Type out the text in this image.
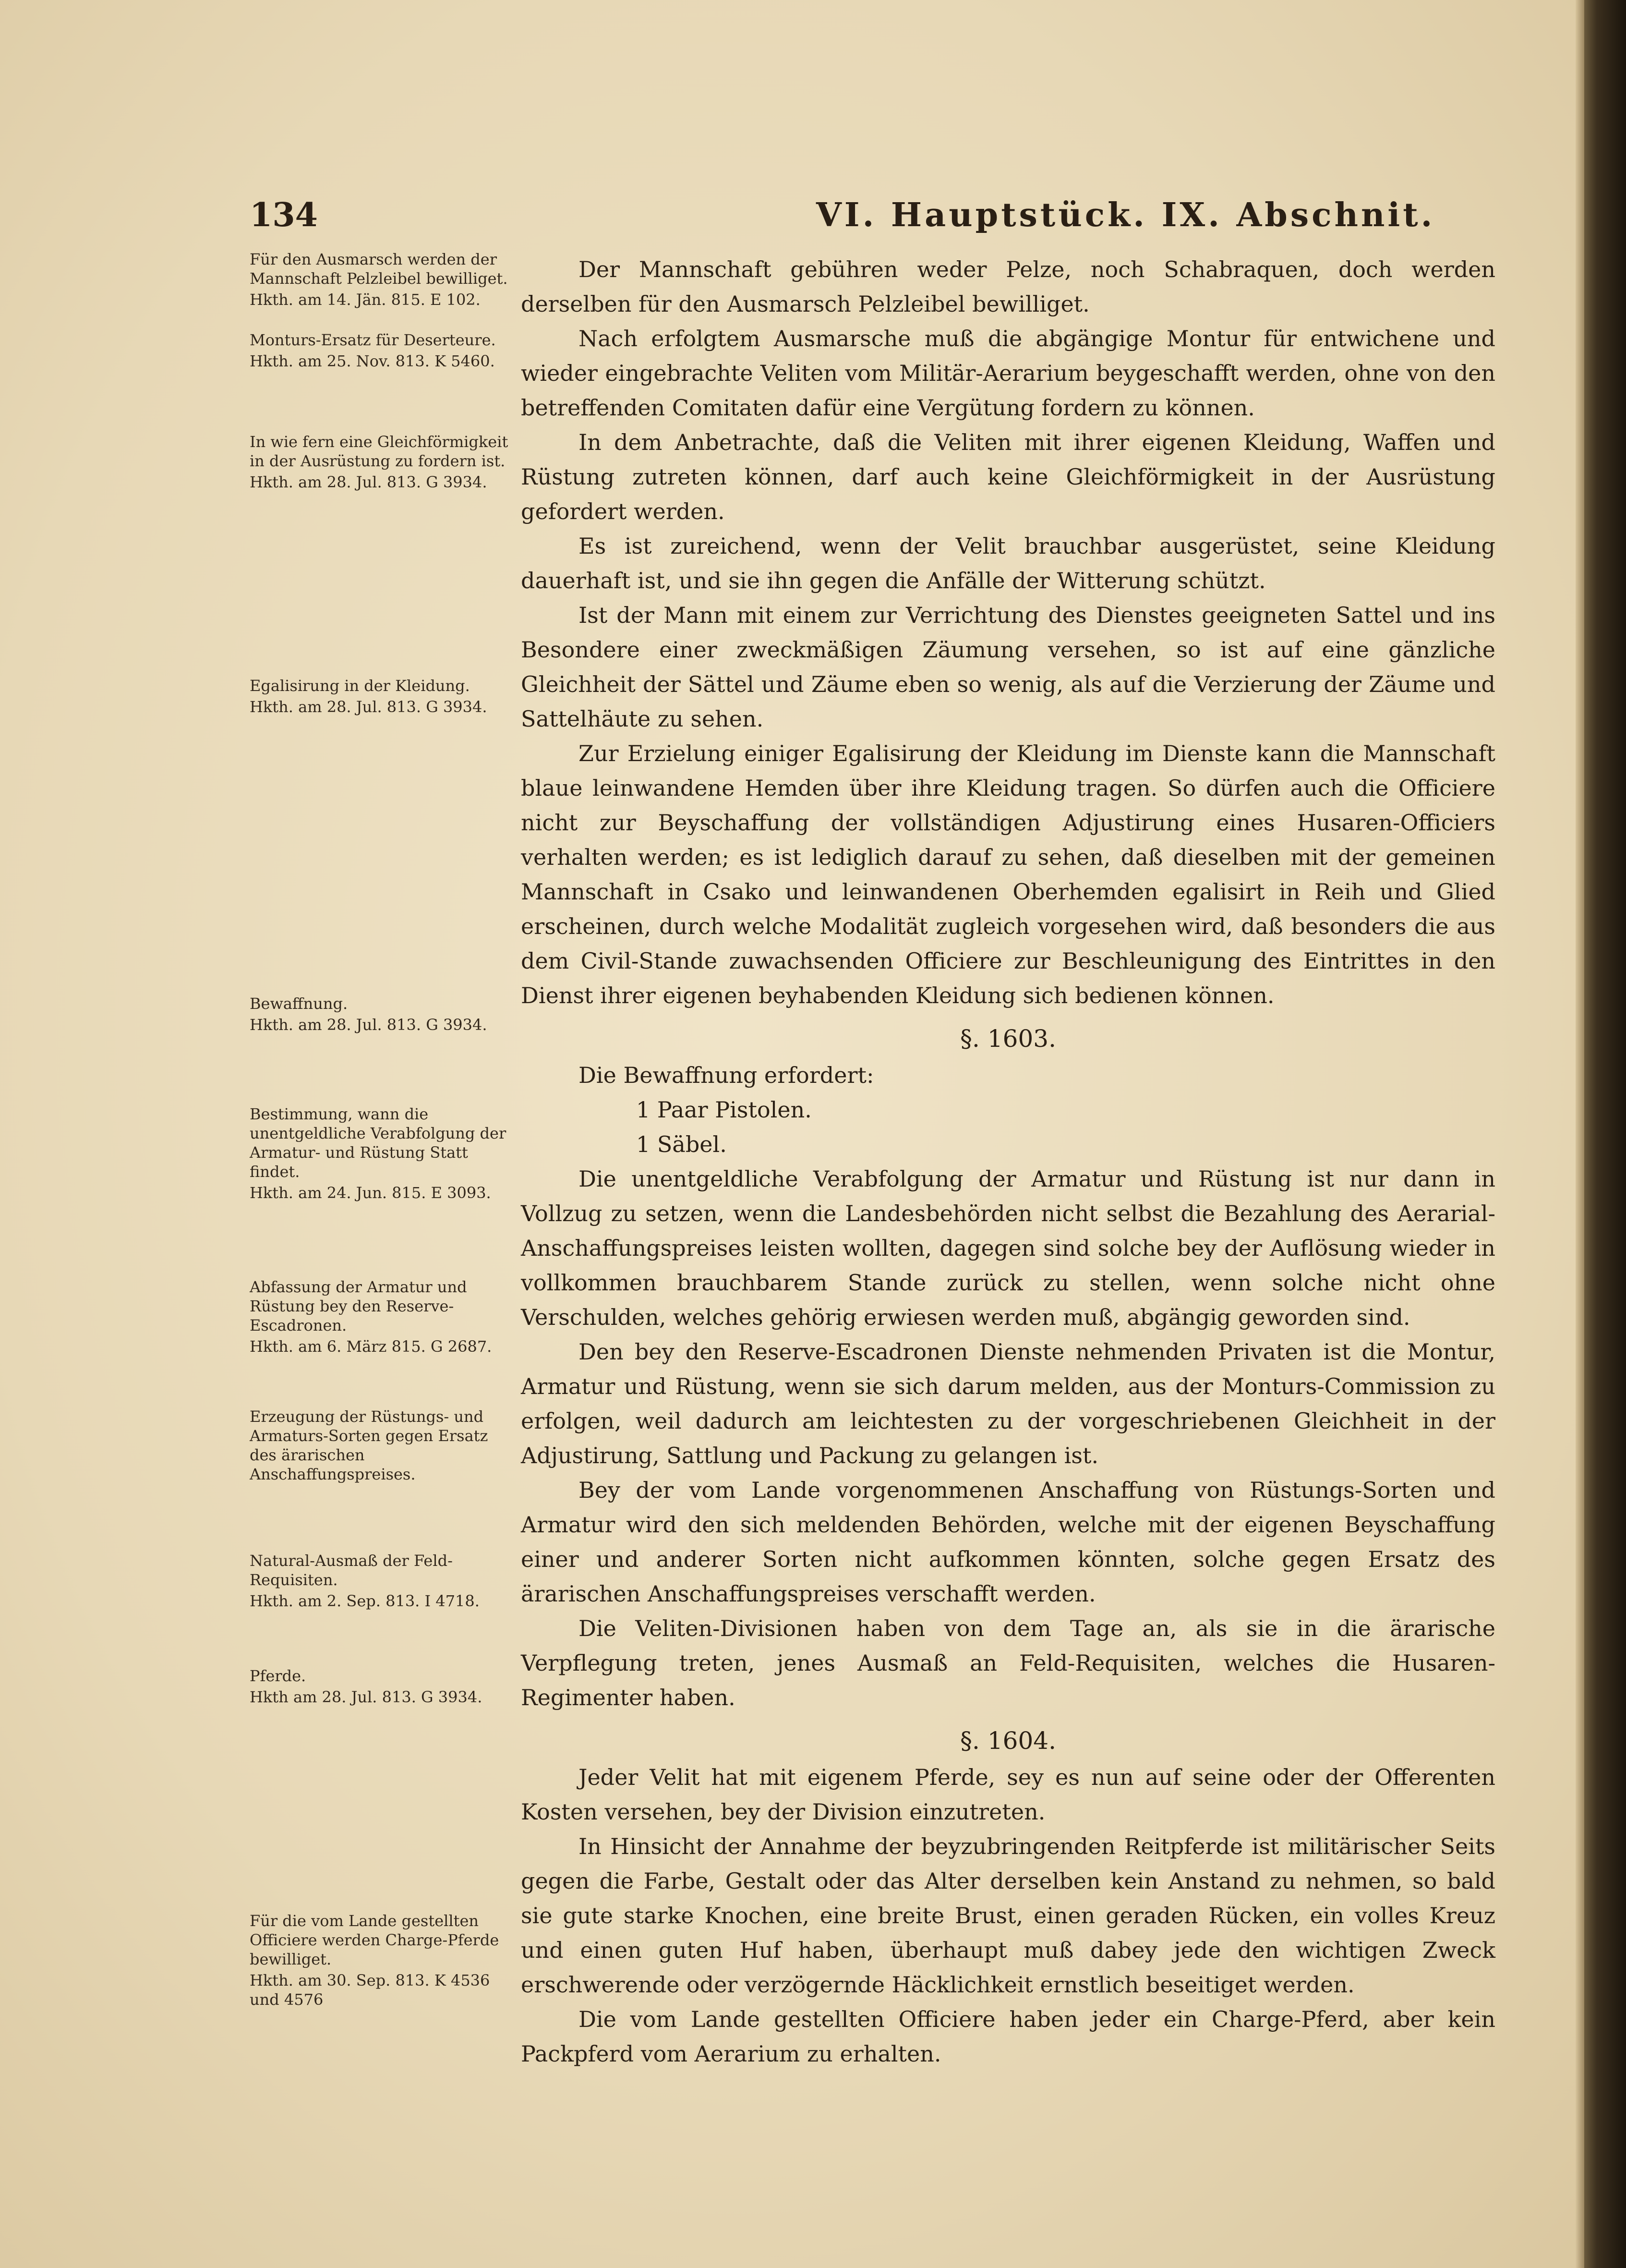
134	VI. Hauptstück. IX. Abschnit.

Für den Ausmarsch werden der Mannschaft Pelzleibel bewilliget.

Hkth. am 14. Jän. 815. E 102.

Monturs-Ersatz für Deserteure.

Hkth. am 25. Nov. 813. K 5460.

In wie fern eine Gleichförmigkeit in der Ausrüstung zu fordern ist.

Hkth. am 28. Jul. 813. G 3934.

Egalisirung in der Kleidung.

Hkth. am 28. Jul. 813. G 3934.

Bewaffnung.

Hkth. am 28. Jul. 813. G 3934.

Bestimmung, wann die unentgeldliche Verabfolgung der Armatur- und Rüstung Statt findet.

Hkth. am 24. Jun. 815. E 3093.

Abfassung der Armatur und Rüstung bey den Reserve-Escadronen.

Hkth. am 6. März 815. G 2687.

Erzeugung der Rüstungs- und Armaturs-Sorten gegen Ersatz des ärarischen Anschaffungspreises.

Natural-Ausmaß der Feld-Requisiten.

Hkth. am 2. Sep. 813. I 4718.

Pferde.

Hkth am 28. Jul. 813. G 3934.

Für die vom Lande gestellten Officiere werden Charge-Pferde bewilliget.

Hkth. am 30. Sep. 813. K 4536 und 4576

Der Mannschaft gebühren weder Pelze, noch Schabraquen, doch werden derselben für den Ausmarsch Pelzleibel bewilliget.

Nach erfolgtem Ausmarsche muß die abgängige Montur für entwichene und wieder eingebrachte Veliten vom Militär-Aerarium beygeschafft werden, ohne von den betreffenden Comitaten dafür eine Vergütung fordern zu können.

In dem Anbetrachte, daß die Veliten mit ihrer eigenen Kleidung, Waffen und Rüstung zutreten können, darf auch keine Gleichförmigkeit in der Ausrüstung gefordert werden.

Es ist zureichend, wenn der Velit brauchbar ausgerüstet, seine Kleidung dauerhaft ist, und sie ihn gegen die Anfälle der Witterung schützt.

Ist der Mann mit einem zur Verrichtung des Dienstes geeigneten Sattel und ins Besondere einer zweckmäßigen Zäumung versehen, so ist auf eine gänzliche Gleichheit der Sättel und Zäume eben so wenig, als auf die Verzierung der Zäume und Sattelhäute zu sehen.

Zur Erzielung einiger Egalisirung der Kleidung im Dienste kann die Mannschaft blaue leinwandene Hemden über ihre Kleidung tragen. So dürfen auch die Officiere nicht zur Beyschaffung der vollständigen Adjustirung eines Husaren-Officiers verhalten werden; es ist lediglich darauf zu sehen, daß dieselben mit der gemeinen Mannschaft in Csako und leinwandenen Oberhemden egalisirt in Reih und Glied erscheinen, durch welche Modalität zugleich vorgesehen wird, daß besonders die aus dem Civil-Stande zuwachsenden Officiere zur Beschleunigung des Eintrittes in den Dienst ihrer eigenen beyhabenden Kleidung sich bedienen können.

§. 1603.

Die Bewaffnung erfordert:

1 Paar Pistolen.

1 Säbel.

Die unentgeldliche Verabfolgung der Armatur und Rüstung ist nur dann in Vollzug zu setzen, wenn die Landesbehörden nicht selbst die Bezahlung des Aerarial-Anschaffungspreises leisten wollten, dagegen sind solche bey der Auflösung wieder in vollkommen brauchbarem Stande zurück zu stellen, wenn solche nicht ohne Verschulden, welches gehörig erwiesen werden muß, abgängig geworden sind.

Den bey den Reserve-Escadronen Dienste nehmenden Privaten ist die Montur, Armatur und Rüstung, wenn sie sich darum melden, aus der Monturs-Commission zu erfolgen, weil dadurch am leichtesten zu der vorgeschriebenen Gleichheit in der Adjustirung, Sattlung und Packung zu gelangen ist.

Bey der vom Lande vorgenommenen Anschaffung von Rüstungs-Sorten und Armatur wird den sich meldenden Behörden, welche mit der eigenen Beyschaffung einer und anderer Sorten nicht aufkommen könnten, solche gegen Ersatz des ärarischen Anschaffungspreises verschafft werden.

Die Veliten-Divisionen haben von dem Tage an, als sie in die ärarische Verpflegung treten, jenes Ausmaß an Feld-Requisiten, welches die Husaren-Regimenter haben.

§. 1604.

Jeder Velit hat mit eigenem Pferde, sey es nun auf seine oder der Offerenten Kosten versehen, bey der Division einzutreten.

In Hinsicht der Annahme der beyzubringenden Reitpferde ist militärischer Seits gegen die Farbe, Gestalt oder das Alter derselben kein Anstand zu nehmen, so bald sie gute starke Knochen, eine breite Brust, einen geraden Rücken, ein volles Kreuz und einen guten Huf haben, überhaupt muß dabey jede den wichtigen Zweck erschwerende oder verzögernde Häcklichkeit ernstlich beseitiget werden.

Die vom Lande gestellten Officiere haben jeder ein Charge-Pferd, aber kein Packpferd vom Aerarium zu erhalten.
